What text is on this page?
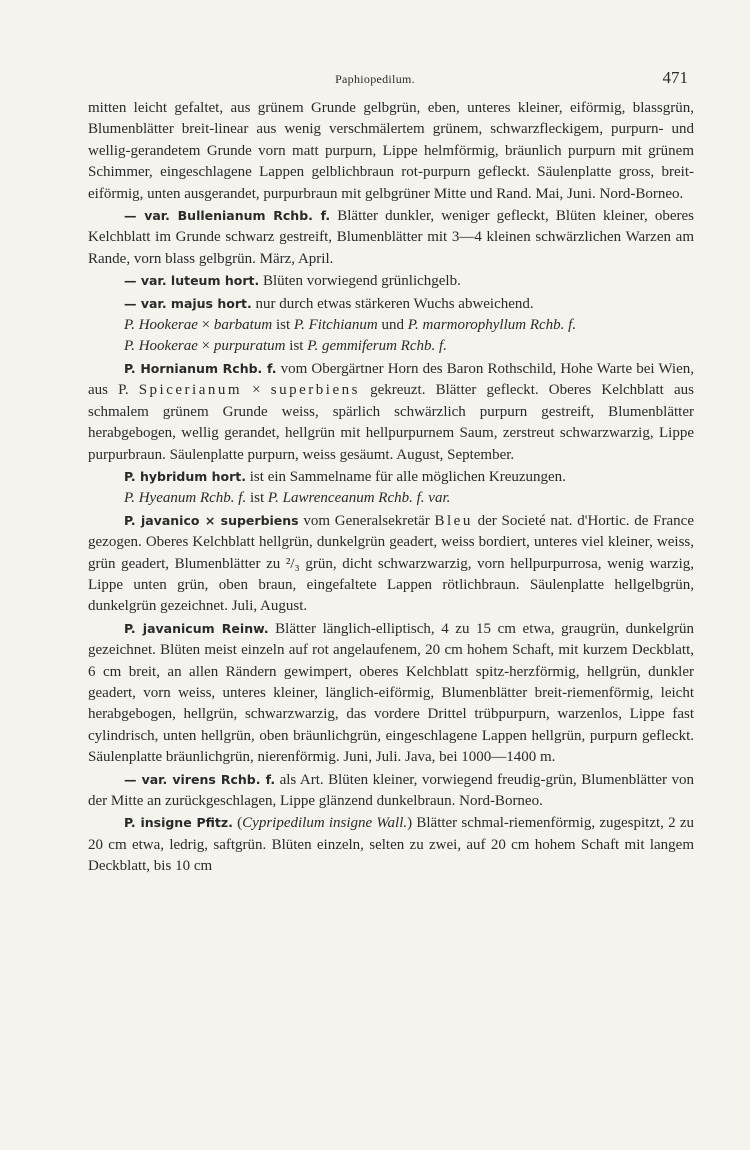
Paphiopedilum.	471

mitten leicht gefaltet, aus grünem Grunde gelbgrün, eben, unteres kleiner, eiförmig, blassgrün, Blumenblätter breit-linear aus wenig verschmälertem grünem, schwarzfleckigem, purpurn- und wellig-gerandetem Grunde vorn matt purpurn, Lippe helmförmig, bräunlich purpurn mit grünem Schimmer, eingeschlagene Lappen gelblichbraun rot-purpurn gefleckt. Säulenplatte gross, breit-eiförmig, unten ausgerandet, purpurbraun mit gelbgrüner Mitte und Rand. Mai, Juni. Nord-Borneo.

— var. Bullenianum Rchb. f. Blätter dunkler, weniger gefleckt, Blüten kleiner, oberes Kelchblatt im Grunde schwarz gestreift, Blumenblätter mit 3—4 kleinen schwärzlichen Warzen am Rande, vorn blass gelbgrün. März, April.

— var. luteum hort. Blüten vorwiegend grünlichgelb.

— var. majus hort. nur durch etwas stärkeren Wuchs abweichend.

P. Hookerae × barbatum ist P. Fitchianum und P. marmorophyllum Rchb. f.

P. Hookerae × purpuratum ist P. gemmiferum Rchb. f.

P. Hornianum Rchb. f. vom Obergärtner Horn des Baron Rothschild, Hohe Warte bei Wien, aus P. Spicerianum × superbiens gekreuzt. Blätter gefleckt. Oberes Kelchblatt aus schmalem grünem Grunde weiss, spärlich schwärzlich purpurn gestreift, Blumenblätter herabgebogen, wellig gerandet, hellgrün mit hellpurpurnem Saum, zerstreut schwarzwarzig, Lippe purpurbraun. Säulenplatte purpurn, weiss gesäumt. August, September.

P. hybridum hort. ist ein Sammelname für alle möglichen Kreuzungen.

P. Hyeanum Rchb. f. ist P. Lawrenceanum Rchb. f. var.

P. javanico × superbiens vom Generalsekretär Bleu der Societé nat. d'Hortic. de France gezogen. Oberes Kelchblatt hellgrün, dunkelgrün geadert, weiss bordiert, unteres viel kleiner, weiss, grün geadert, Blumenblätter zu ²/₃ grün, dicht schwarzwarzig, vorn hellpurpurrosa, wenig warzig, Lippe unten grün, oben braun, eingefaltete Lappen rötlichbraun. Säulenplatte hellgelbgrün, dunkelgrün gezeichnet. Juli, August.

P. javanicum Reinw. Blätter länglich-elliptisch, 4 zu 15 cm etwa, graugrün, dunkelgrün gezeichnet. Blüten meist einzeln auf rot angelaufenem, 20 cm hohem Schaft, mit kurzem Deckblatt, 6 cm breit, an allen Rändern gewimpert, oberes Kelchblatt spitz-herzförmig, hellgrün, dunkler geadert, vorn weiss, unteres kleiner, länglich-eiförmig, Blumenblätter breit-riemenförmig, leicht herabgebogen, hellgrün, schwarzwarzig, das vordere Drittel trübpurpurn, warzenlos, Lippe fast cylindrisch, unten hellgrün, oben bräunlichgrün, eingeschlagene Lappen hellgrün, purpurn gefleckt. Säulenplatte bräunlichgrün, nierenförmig. Juni, Juli. Java, bei 1000—1400 m.

— var. virens Rchb. f. als Art. Blüten kleiner, vorwiegend freudig-grün, Blumenblätter von der Mitte an zurückgeschlagen, Lippe glänzend dunkelbraun. Nord-Borneo.

P. insigne Pfitz. (Cypripedilum insigne Wall.) Blätter schmal-riemenförmig, zugespitzt, 2 zu 20 cm etwa, ledrig, saftgrün. Blüten einzeln, selten zu zwei, auf 20 cm hohem Schaft mit langem Deckblatt, bis 10 cm
